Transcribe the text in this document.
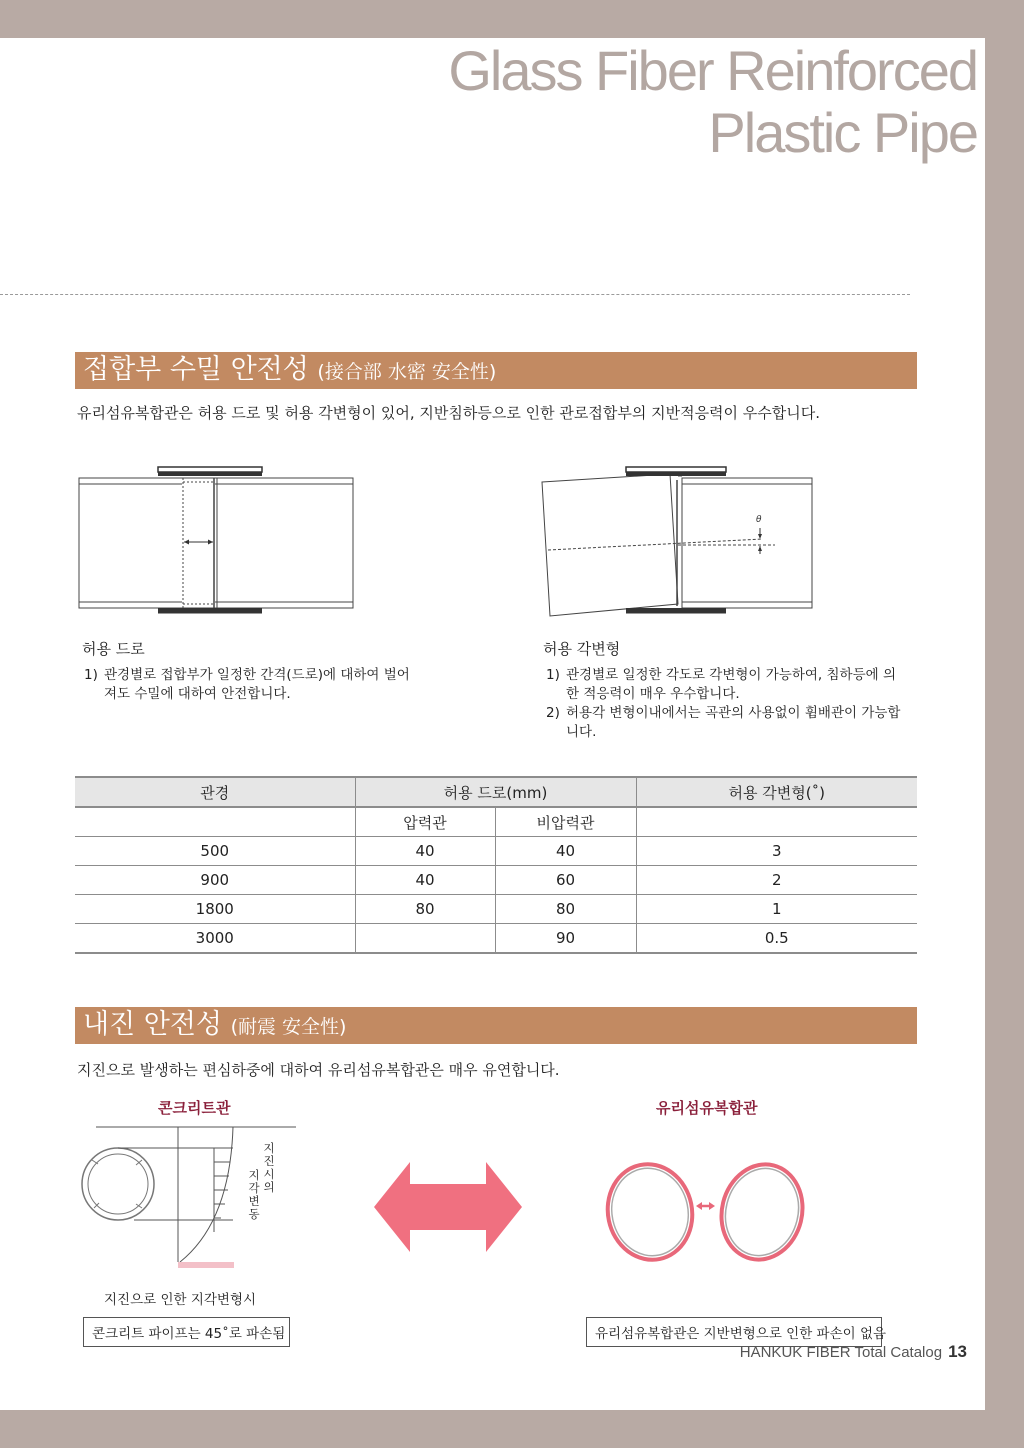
Glass Fiber Reinforced
Plastic Pipe
접합부 수밀 안전성 (接合部 水密 安全性)
유리섬유복합관은 허용 드로 및 허용 각변형이 있어, 지반침하등으로 인한 관로접합부의 지반적응력이 우수합니다.
θ
허용 드로
1) 관경별로 접합부가 일정한 간격(드로)에 대하여 벌어져도 수밀에 대하여 안전합니다.
허용 각변형
1) 관경별로 일정한 각도로 각변형이 가능하여, 침하등에 의한 적응력이 매우 우수합니다.
2) 허용각 변형이내에서는 곡관의 사용없이 휨배관이 가능합니다.
관경	허용 드로(mm)		허용 각변형(˚)
	압력관	비압력관	
500	40	40	3
900	40	60	2
1800	80	80	1
3000		90	0.5
내진 안전성 (耐震 安全性)
지진으로 발생하는 편심하중에 대하여 유리섬유복합관은 매우 유연합니다.
콘크리트관	유리섬유복합관
지
진
시
의
지
각
변
동
지진으로 인한 지각변형시
콘크리트 파이프는 45˚로 파손됨	유리섬유복합관은 지반변형으로 인한 파손이 없음
HANKUK FIBER Total Catalog 13
